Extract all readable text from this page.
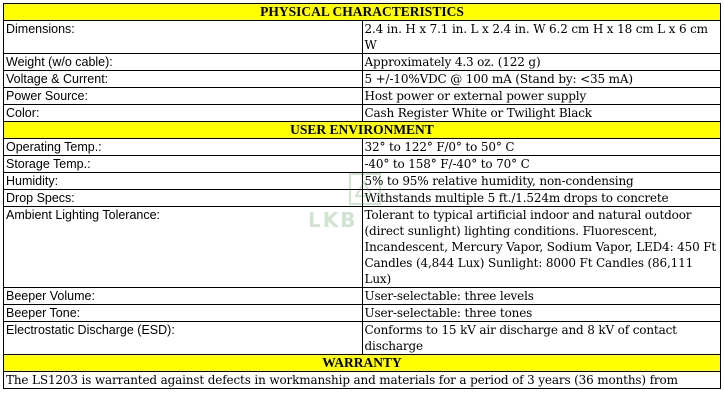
PHYSICAL CHARACTERISTICS	
Dimensions:	2.4 in. H x 7.1 in. L x 2.4 in. W 6.2 cm H x 18 cm L x 6 cm W
Weight (w/o cable):	Approximately 4.3 oz. (122 g)
Voltage & Current:	5 +/-10%VDC @ 100 mA (Stand by: <35 mA)
Power Source:	Host power or external power supply
Color:	Cash Register White or Twilight Black
USER ENVIRONMENT	
Operating Temp.:	32° to 122° F/0° to 50° C
Storage Temp.:	-40° to 158° F/-40° to 70° C
Humidity:	5% to 95% relative humidity, non-condensing
Drop Specs:	Withstands multiple 5 ft./1.524m drops to concrete
Ambient Lighting Tolerance:	Tolerant to typical artificial indoor and natural outdoor (direct sunlight) lighting conditions. Fluorescent, Incandescent, Mercury Vapor, Sodium Vapor, LED4: 450 Ft Candles (4,844 Lux) Sunlight: 8000 Ft Candles (86,111 Lux)
Beeper Volume:	User-selectable: three levels
Beeper Tone:	User-selectable: three tones
Electrostatic Discharge (ESD):	Conforms to 15 kV air discharge and 8 kV of contact discharge
WARRANTY	
The LS1203 is warranted against defects in workmanship and materials for a period of 3 years (36 months) from	
LKB
